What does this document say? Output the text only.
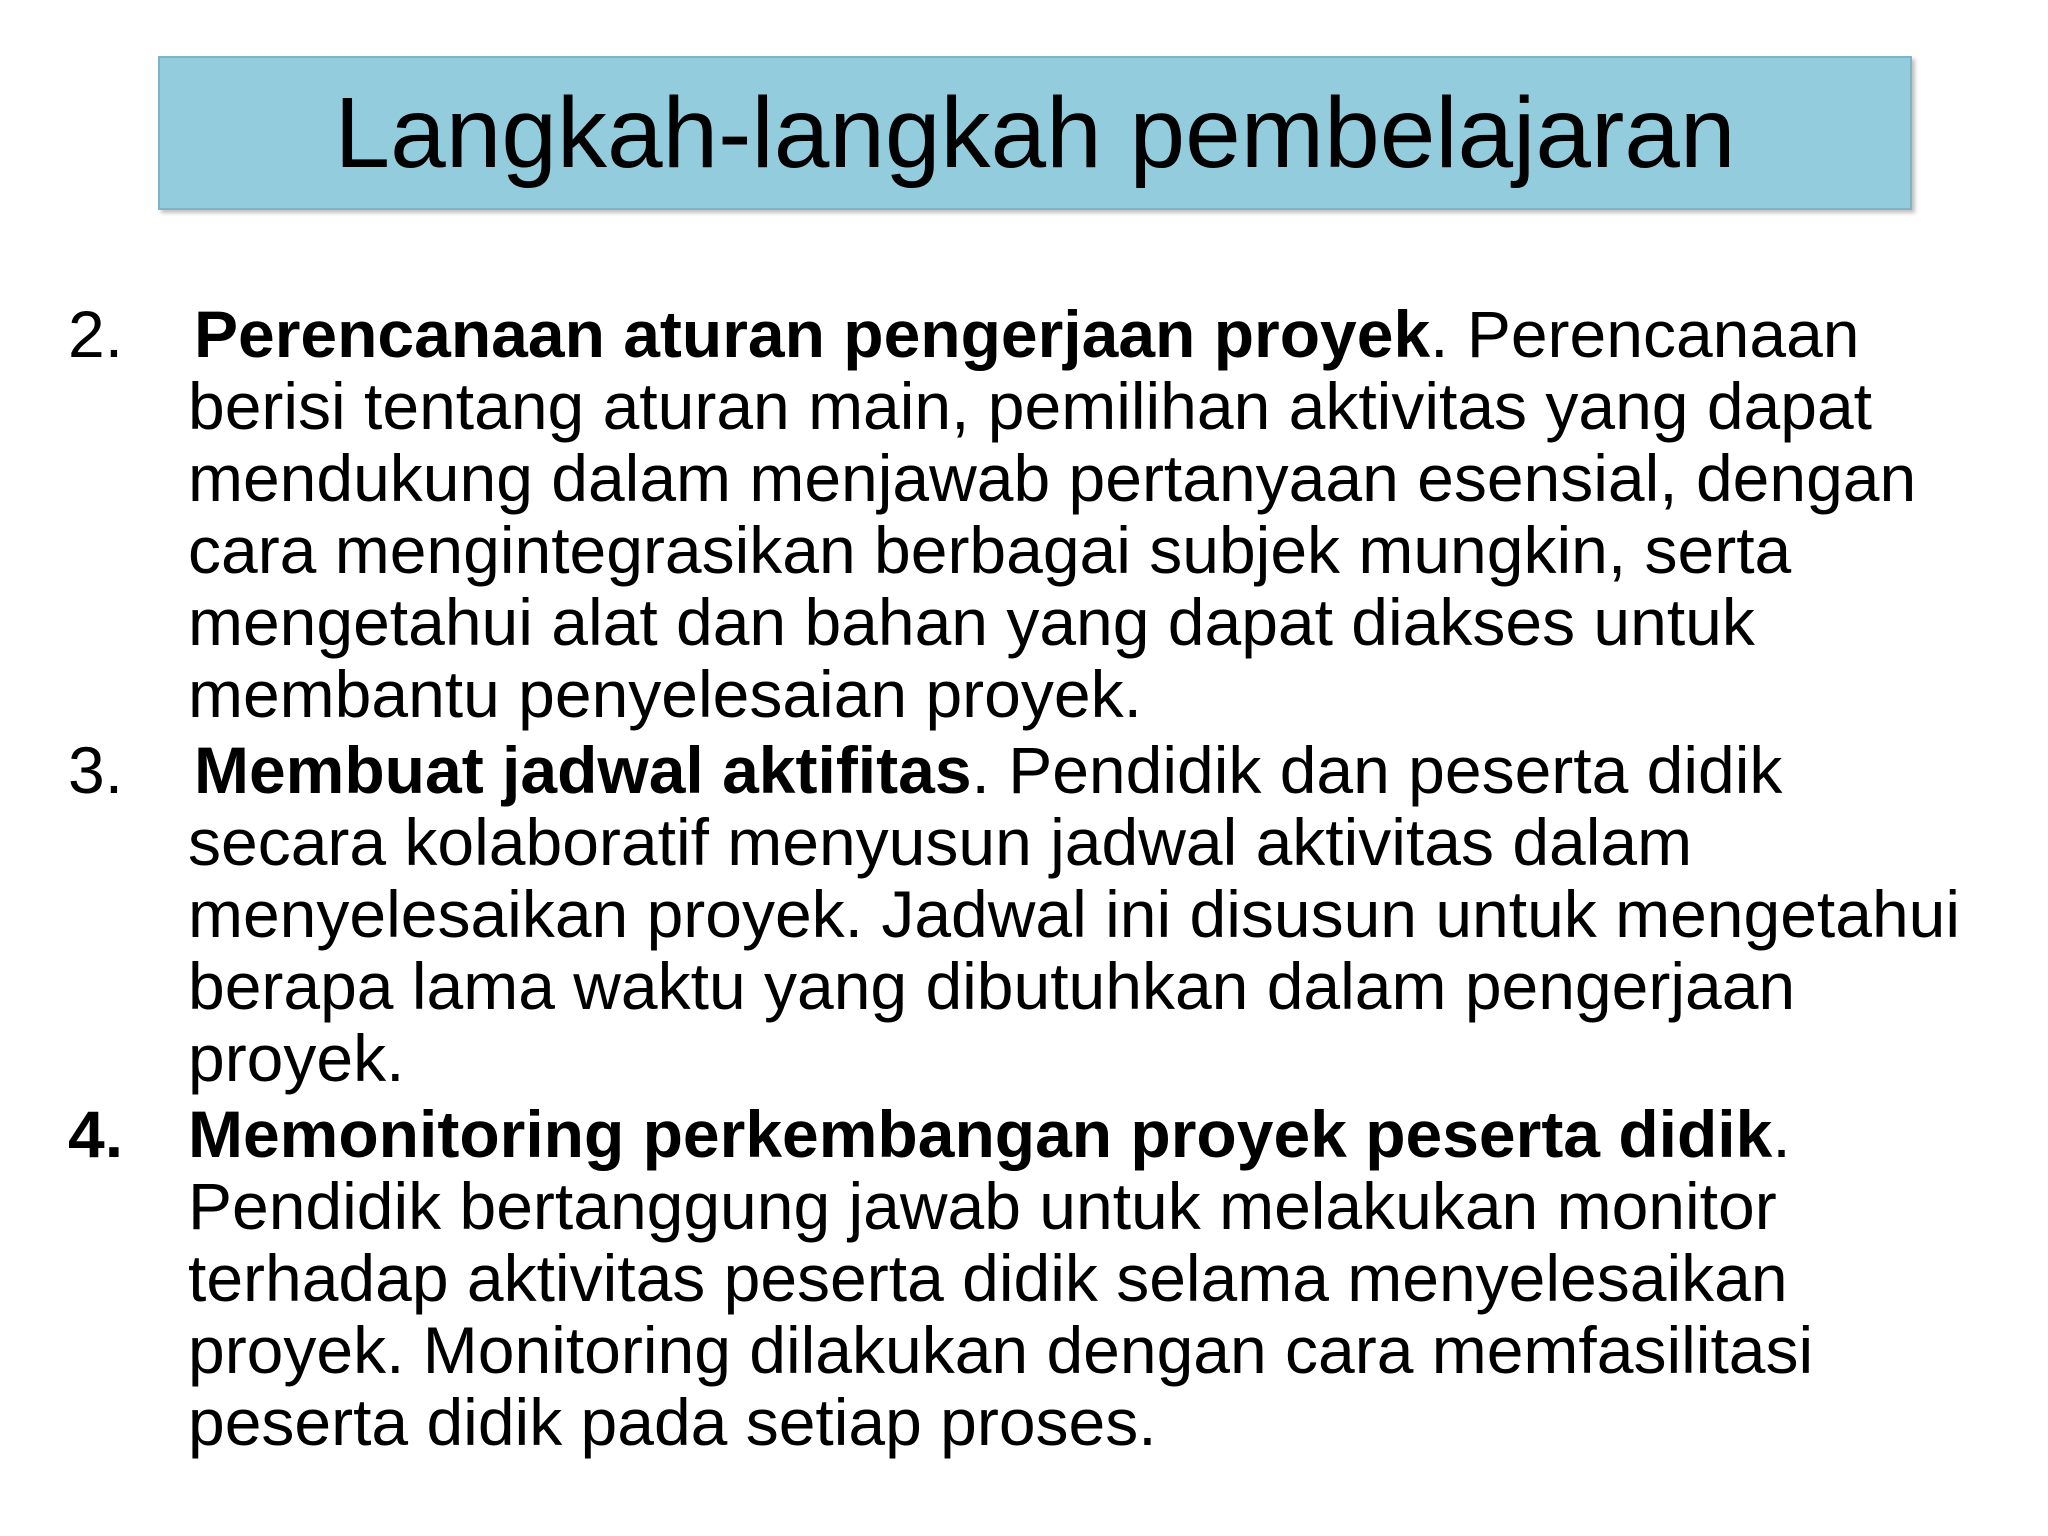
Langkah-langkah pembelajaran
2. Perencanaan aturan pengerjaan proyek. Perencanaan berisi tentang aturan main, pemilihan aktivitas yang dapat mendukung dalam menjawab pertanyaan esensial, dengan cara mengintegrasikan berbagai subjek mungkin, serta mengetahui alat dan bahan yang dapat diakses untuk membantu penyelesaian proyek.
3. Membuat jadwal aktifitas. Pendidik dan peserta didik secara kolaboratif menyusun jadwal aktivitas dalam menyelesaikan proyek. Jadwal ini disusun untuk mengetahui berapa lama waktu yang dibutuhkan dalam pengerjaan proyek.
4. Memonitoring perkembangan proyek peserta didik. Pendidik bertanggung jawab untuk melakukan monitor terhadap aktivitas peserta didik selama menyelesaikan proyek. Monitoring dilakukan dengan cara memfasilitasi peserta didik pada setiap proses.
